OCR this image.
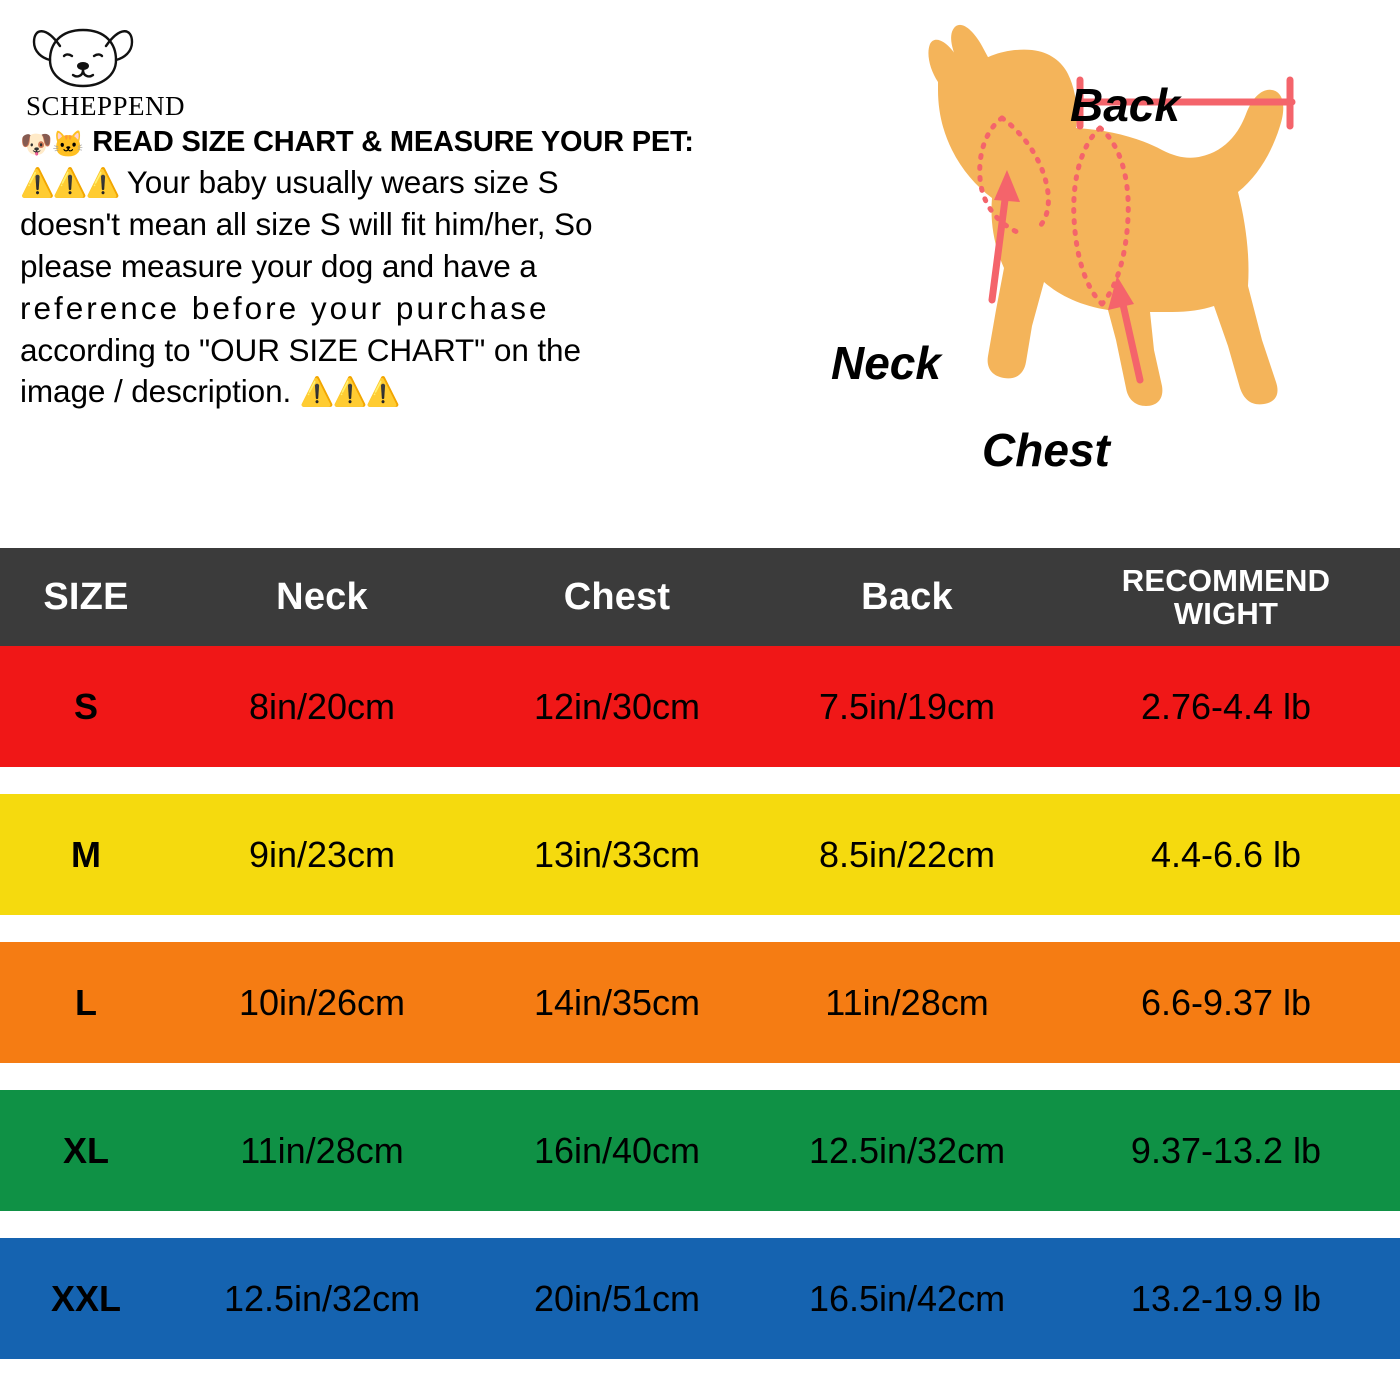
SCHEPPEND
🐶🐱 READ SIZE CHART & MEASURE YOUR PET:
⚠️⚠️⚠️ Your baby usually wears size S
doesn't mean all size S will fit him/her, So
please measure your dog and have a
reference before your purchase
according to "OUR SIZE CHART" on the
image / description. ⚠️⚠️⚠️
Back
Neck
Chest
SIZE	Neck	Chest	Back	RECOMMEND
WIGHT
S	8in/20cm	12in/30cm	7.5in/19cm	2.76-4.4 lb
M	9in/23cm	13in/33cm	8.5in/22cm	4.4-6.6 lb
L	10in/26cm	14in/35cm	11in/28cm	6.6-9.37 lb
XL	11in/28cm	16in/40cm	12.5in/32cm	9.37-13.2 lb
XXL	12.5in/32cm	20in/51cm	16.5in/42cm	13.2-19.9 lb
